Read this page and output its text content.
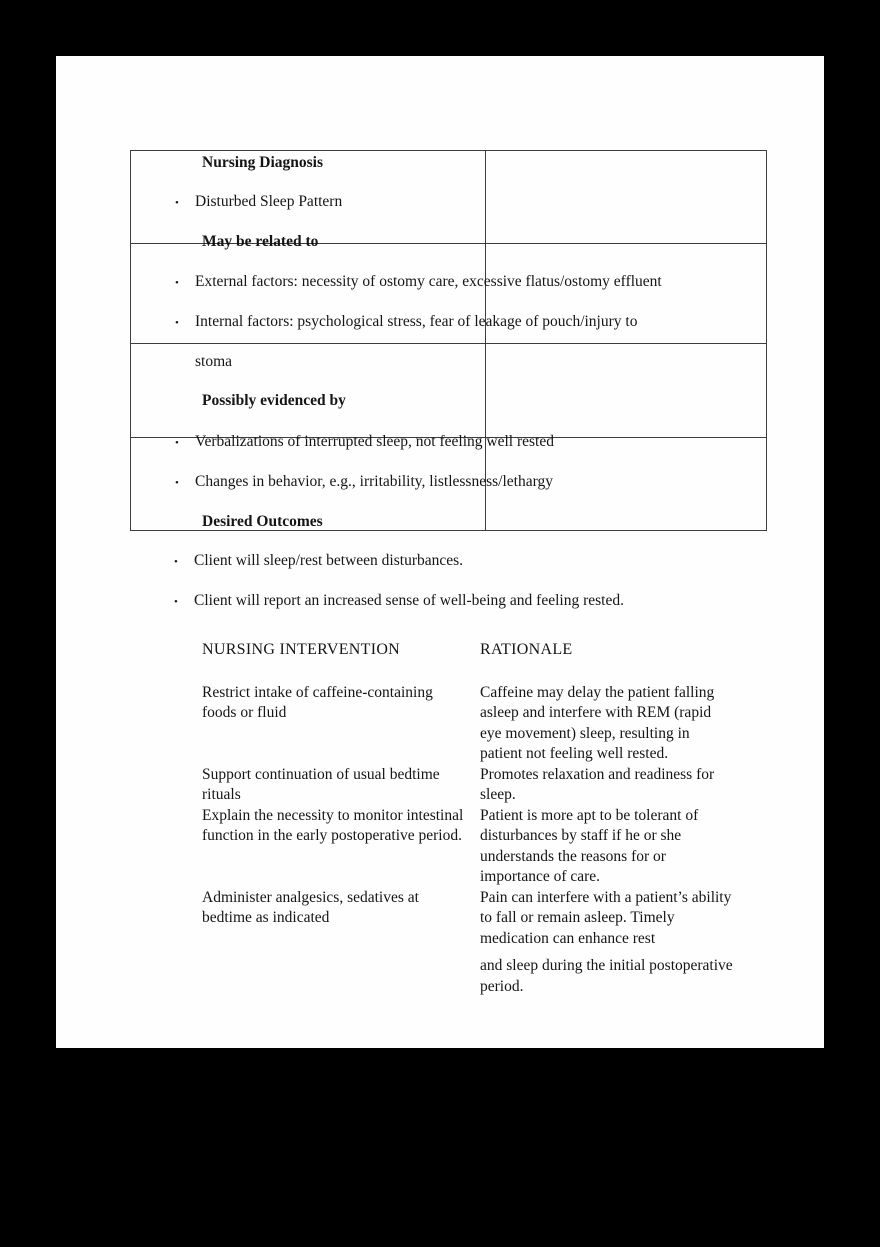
Nursing Diagnosis
• Disturbed Sleep Pattern
May be related to
• External factors: necessity of ostomy care, excessive flatus/ostomy effluent
• Internal factors: psychological stress, fear of leakage of pouch/injury to
stoma
Possibly evidenced by
• Verbalizations of interrupted sleep, not feeling well rested
• Changes in behavior, e.g., irritability, listlessness/lethargy
Desired Outcomes
• Client will sleep/rest between disturbances.
• Client will report an increased sense of well-being and feeling rested.
NURSING INTERVENTION	RATIONALE
Restrict intake of caffeine-containing foods or fluid
Caffeine may delay the patient falling asleep and interfere with REM (rapid eye movement) sleep, resulting in patient not feeling well rested.
Support continuation of usual bedtime rituals
Promotes relaxation and readiness for sleep.
Explain the necessity to monitor intestinal function in the early postoperative period.
Patient is more apt to be tolerant of disturbances by staff if he or she understands the reasons for or importance of care.
Administer analgesics, sedatives at bedtime as indicated

Pain can interfere with a patient’s ability to fall or remain asleep. Timely medication can enhance rest

and sleep during the initial postoperative period.
